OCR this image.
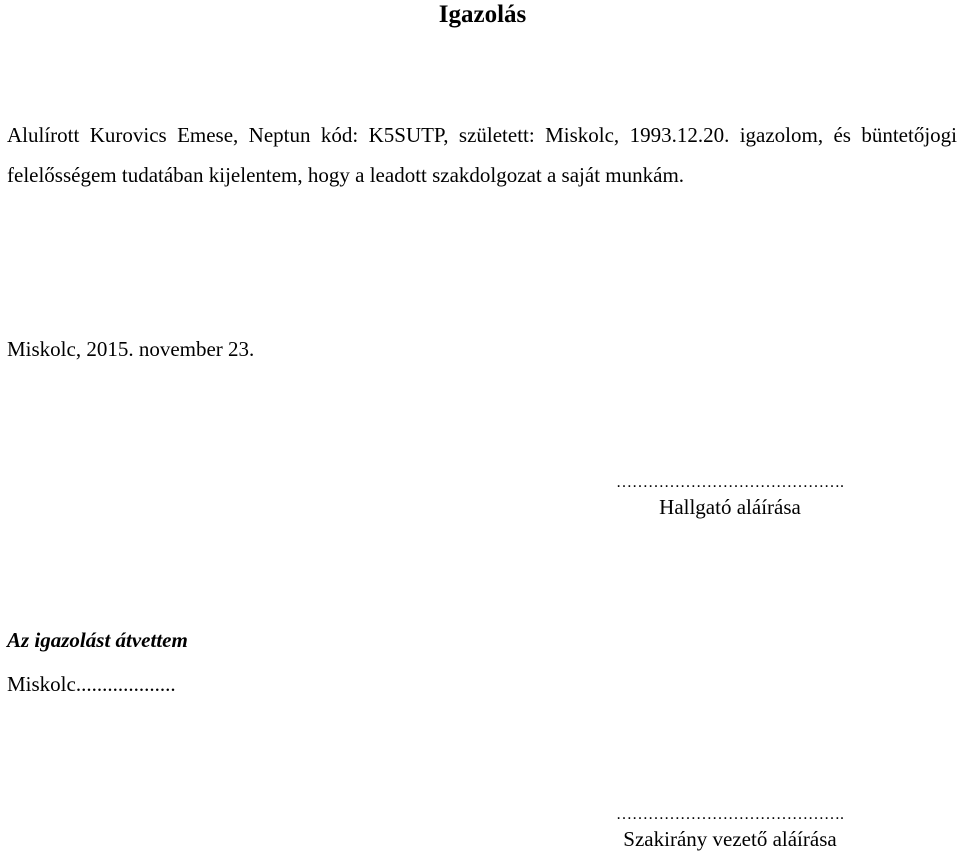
Igazolás

Alulírott Kurovics Emese, Neptun kód: K5SUTP, született: Miskolc, 1993.12.20. igazolom, és büntetőjogi felelősségem tudatában kijelentem, hogy a leadott szakdolgozat a saját munkám.

Miskolc, 2015. november 23.
…………………………………….
Hallgató aláírása
Az igazolást átvettem
Miskolc...................
…………………………………….
Szakirány vezető aláírása
